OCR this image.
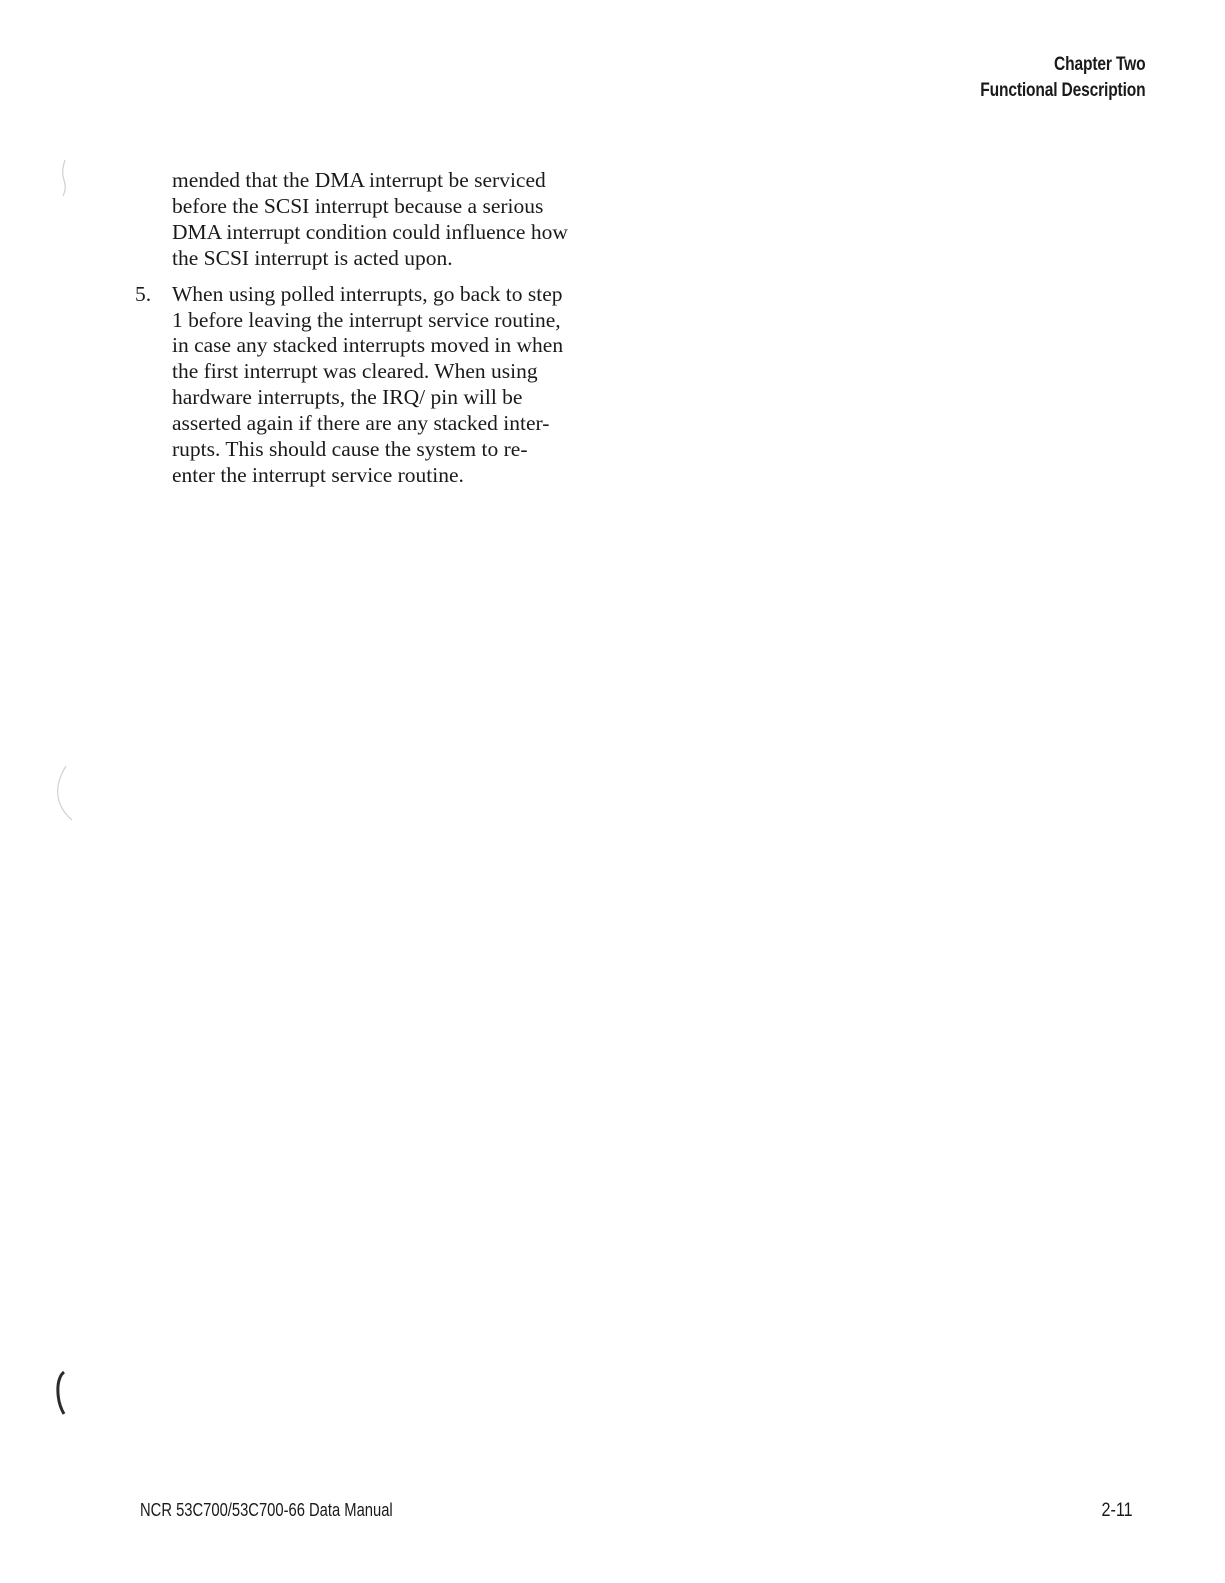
Chapter Two
Functional Description

mended that the DMA interrupt be serviced
before the SCSI interrupt because a serious
DMA interrupt condition could influence how
the SCSI interrupt is acted upon.

5. When using polled interrupts, go back to step
1 before leaving the interrupt service routine,
in case any stacked interrupts moved in when
the first interrupt was cleared. When using
hardware interrupts, the IRQ/ pin will be
asserted again if there are any stacked inter-
rupts. This should cause the system to re-
enter the interrupt service routine.
NCR 53C700/53C700-66 Data Manual	2-11
